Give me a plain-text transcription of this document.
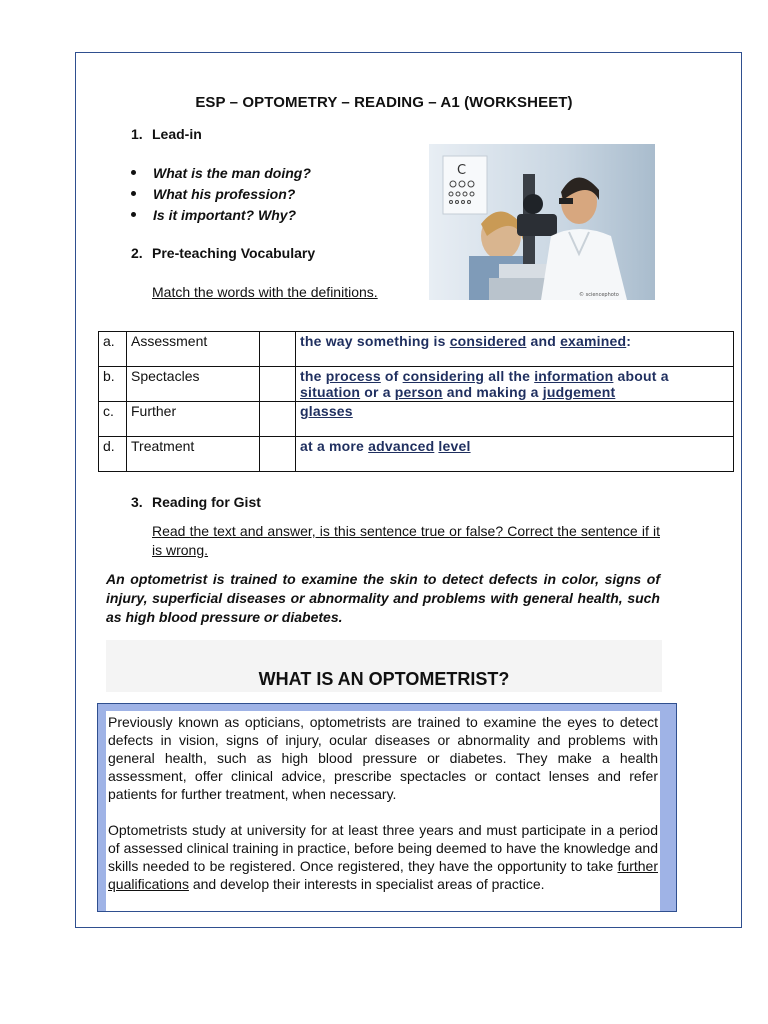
ESP – OPTOMETRY – READING – A1 (WORKSHEET)
1. Lead-in
What is the man doing?
What his profession?
Is it important? Why?
2. Pre-teaching Vocabulary
Match the words with the definitions.
C
© sciencephoto
a.	Assessment		the way something is considered and examined:
b.	Spectacles		the process of considering all the information about a situation or a person and making a judgement
c.	Further		glasses
d.	Treatment		at a more advanced level
3. Reading for Gist
Read the text and answer, is this sentence true or false? Correct the sentence if it is wrong.
An optometrist is trained to examine the skin to detect defects in color, signs of injury, superficial diseases or abnormality and problems with general health, such as high blood pressure or diabetes.
WHAT IS AN OPTOMETRIST?

Previously known as opticians, optometrists are trained to examine the eyes to detect defects in vision, signs of injury, ocular diseases or abnormality and problems with general health, such as high blood pressure or diabetes. They make a health assessment, offer clinical advice, prescribe spectacles or contact lenses and refer patients for further treatment, when necessary.

Optometrists study at university for at least three years and must participate in a period of assessed clinical training in practice, before being deemed to have the knowledge and skills needed to be registered. Once registered, they have the opportunity to take further qualifications and develop their interests in specialist areas of practice.
